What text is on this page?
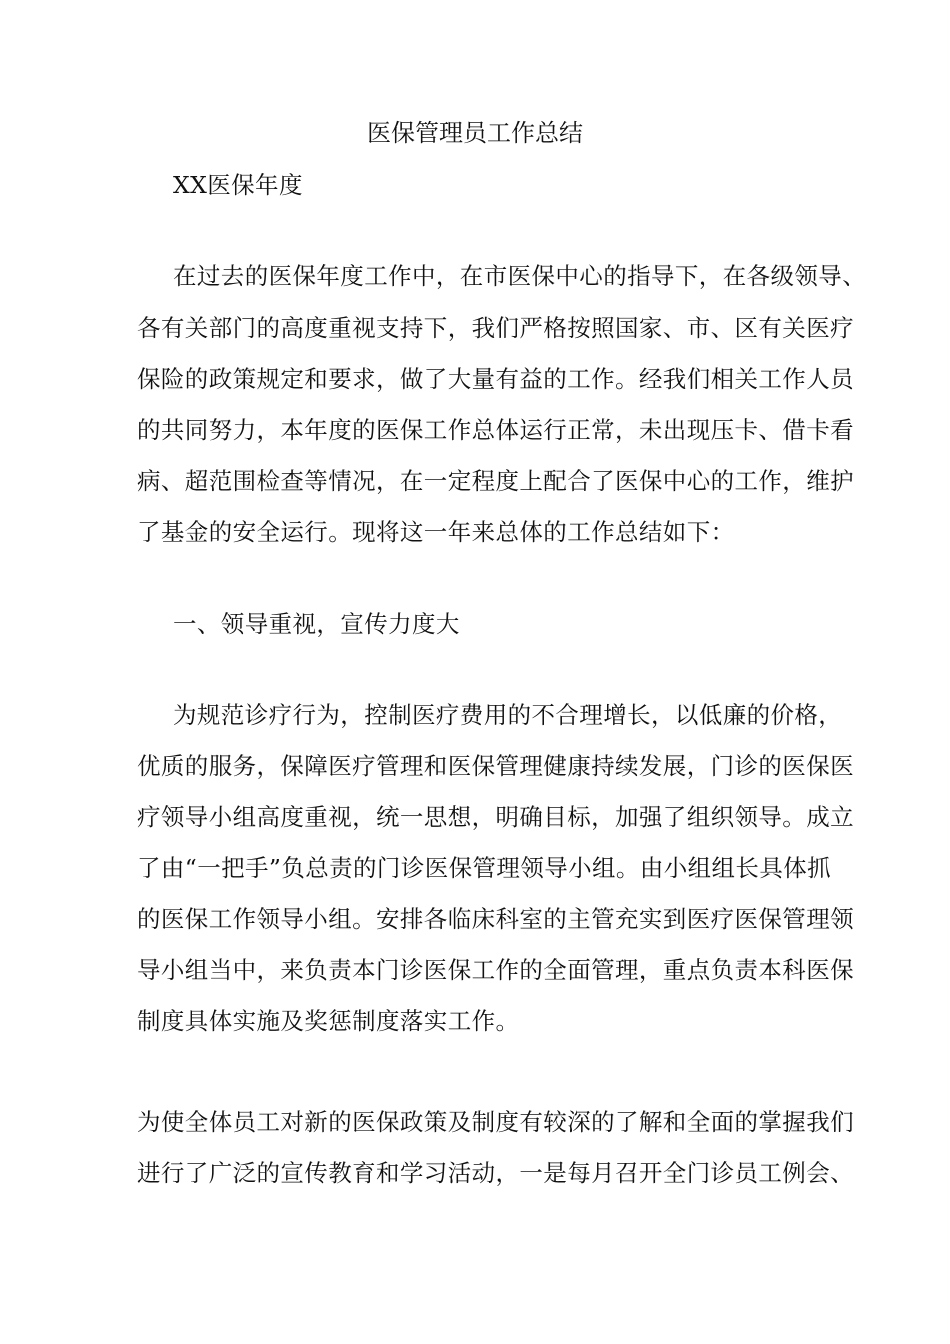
医保管理员工作总结
XX医保年度
在过去的医保年度工作中，在市医保中心的指导下，在各级领导、
各有关部门的高度重视支持下，我们严格按照国家、市、区有关医疗
保险的政策规定和要求，做了大量有益的工作。经我们相关工作人员
的共同努力，本年度的医保工作总体运行正常，未出现压卡、借卡看
病、超范围检查等情况，在一定程度上配合了医保中心的工作，维护
了基金的安全运行。现将这一年来总体的工作总结如下：
一、领导重视，宣传力度大
为规范诊疗行为，控制医疗费用的不合理增长，以低廉的价格，
优质的服务，保障医疗管理和医保管理健康持续发展，门诊的医保医
疗领导小组高度重视，统一思想，明确目标，加强了组织领导。成立
了由“一把手”负总责的门诊医保管理领导小组。由小组组长具体抓
的医保工作领导小组。安排各临床科室的主管充实到医疗医保管理领
导小组当中，来负责本门诊医保工作的全面管理，重点负责本科医保
制度具体实施及奖惩制度落实工作。
为使全体员工对新的医保政策及制度有较深的了解和全面的掌握我们
进行了广泛的宣传教育和学习活动，一是每月召开全门诊员工例会、
